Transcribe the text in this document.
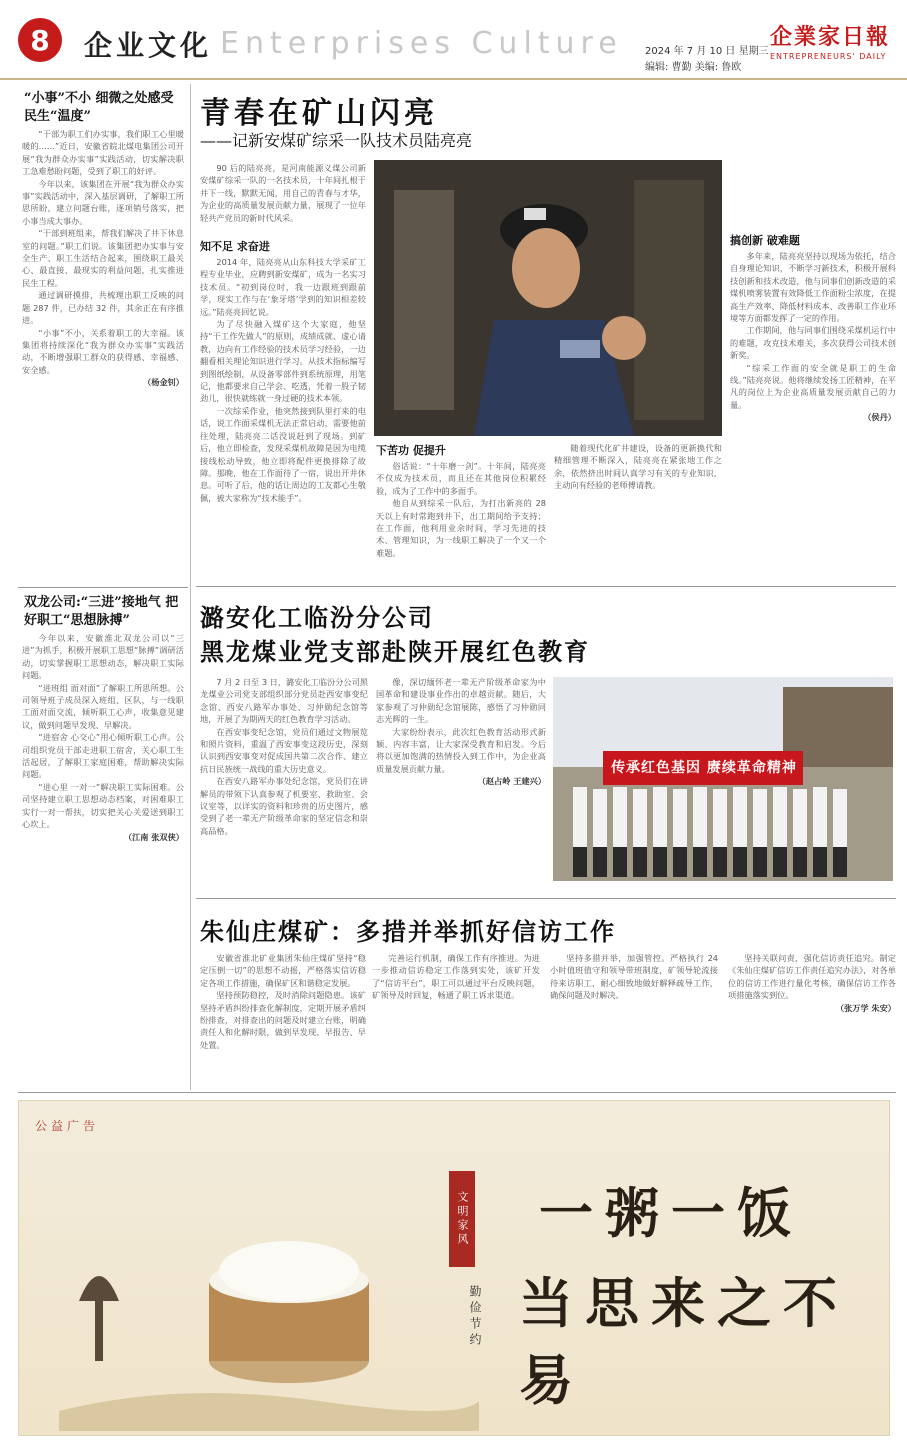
8	企业文化 Enterprises Culture 2024 年 7 月 10 日 星期三
编辑: 曹勤 美编: 鲁欧
企業家日報
ENTREPRENEURS' DAILY
“小事”不小 细微之处感受民生“温度”

“干部为职工们办实事，我们职工心里暖暖的……”近日，安徽省皖北煤电集团公司开展“我为群众办实事”实践活动，切实解决职工急难愁盼问题，受到了职工的好评。

今年以来，该集团在开展“我为群众办实事”实践活动中，深入基层调研，了解职工所思所盼，建立问题台账，逐项销号落实，把小事当成大事办。

“干部到班组来，帮我们解决了井下休息室的问题。”职工们说。该集团把办实事与安全生产、职工生活结合起来，围绕职工最关心、最直接、最现实的利益问题，扎实推进民生工程。

通过调研摸排，共梳理出职工反映的问题 287 件，已办结 32 件，其余正在有序推进。

“小事”不小，关系着职工的大幸福。该集团将持续深化“我为群众办实事”实践活动，不断增强职工群众的获得感、幸福感、安全感。

（杨金钊）

双龙公司:“三进”接地气 把好职工“思想脉搏”

今年以来，安徽淮北双龙公司以“三进”为抓手，积极开展职工思想“脉搏”调研活动，切实掌握职工思想动态，解决职工实际问题。

“进班组 面对面”了解职工所思所想。公司领导班子成员深入班组、区队，与一线职工面对面交流，倾听职工心声，收集意见建议，做到问题早发现、早解决。

“进宿舍 心交心”用心倾听职工心声。公司组织党员干部走进职工宿舍，关心职工生活起居，了解职工家庭困难，帮助解决实际问题。

“进心里 一对一”解决职工实际困难。公司坚持建立职工思想动态档案，对困难职工实行一对一帮扶，切实把关心关爱送到职工心坎上。

（江南 张双侠）

青春在矿山闪亮
——记新安煤矿综采一队技术员陆亮亮
90 后的陆亮亮，是河南能源义煤公司新安煤矿综采一队的一名技术员，十年间扎根于井下一线，默默无闻，用自己的青春与才华，为企业的高质量发展贡献力量，展现了一位年轻共产党员的新时代风采。
知不足 求奋进

2014 年，陆亮亮从山东科技大学采矿工程专业毕业，应聘到新安煤矿，成为一名实习技术员。“初到岗位时，我一边跟班到跟前学，现实工作与在‘象牙塔’学到的知识相差较远。”陆亮亮回忆说。

为了尽快融入煤矿这个大家庭，他坚持“干工作先做人”的原则，成绩成就、虚心请教，边向有工作经验的技术员学习经验，一边翻看相关理论知识进行学习。从技术指标编写到图纸绘制，从设备零部件到系统原理，用笔记，他都要求自己学会、吃透，凭着一股子韧劲儿，很快就练就一身过硬的技术本领。

一次综采作业，他突然接到队里打来的电话，说工作面采煤机无法正常启动，需要他前往处理，陆亮亮二话没说赶到了现场。到矿后，他立即检查，发现采煤机故障是因为电缆接线松动导致，他立即将配件更换排除了故障。那晚，他在工作面待了一宿，说出开井休息。可听了后，他的话让周边的工友都心生敬佩，被大家称为“技术能手”。

下苦功 促提升

俗话说：“十年磨一剑”。十年间，陆亮亮不仅成为技术员，而且还在其他岗位积累经验，成为了工作中的多面手。

他自从到综采一队后，为打出新亮的 28 天以上有时常跑到井下，出工期间给予支持；在工作面，他利用业余时间，学习先进的技术、管理知识，为一线职工解决了一个又一个难题。

随着现代化矿井建设，设备的更新换代和精细管理不断深入，陆亮亮在紧张地工作之余，依然挤出时间认真学习有关的专业知识，主动向有经验的老师傅请教。

搞创新 破难题

多年来，陆亮亮坚持以现场为依托，结合自身理论知识，不断学习新技术，积极开展科技创新和技术改造，他与同事们创新改造的采煤机喷雾装置有效降低工作面粉尘浓度，在提高生产效率、降低材料成本、改善职工作业环境等方面都发挥了一定的作用。

工作期间，他与同事们围绕采煤机运行中的难题，攻克技术难关，多次获得公司技术创新奖。

“综采工作面的安全就是职工的生命线。”陆亮亮说。他将继续发扬工匠精神，在平凡的岗位上为企业高质量发展贡献自己的力量。

（侯丹）

潞安化工临汾分公司
黑龙煤业党支部赴陕开展红色教育

7 月 2 日至 3 日，潞安化工临汾分公司黑龙煤业公司党支部组织部分党员赴西安事变纪念馆、西安八路军办事处、习仲勋纪念馆等地，开展了为期两天的红色教育学习活动。

在西安事变纪念馆，党员们通过文物展览和照片资料，重温了西安事变这段历史，深刻认识到西安事变对促成国共第二次合作、建立抗日民族统一战线的重大历史意义。

在西安八路军办事处纪念馆，党员们在讲解员的带领下认真参观了机要室、救助室、会议室等，以详实的资料和珍贵的历史图片，感受到了老一辈无产阶级革命家的坚定信念和崇高品格。

像，深切缅怀老一辈无产阶级革命家为中国革命和建设事业作出的卓越贡献。随后，大家参观了习仲勋纪念馆展陈，感悟了习仲勋同志光辉的一生。

大家纷纷表示，此次红色教育活动形式新颖、内容丰富，让大家深受教育和启发。今后将以更加饱满的热情投入到工作中，为企业高质量发展贡献力量。

（赵占岭 王建兴）

传承红色基因 赓续革命精神
朱仙庄煤矿：多措并举抓好信访工作

安徽省淮北矿业集团朱仙庄煤矿坚持“稳定压倒一切”的思想不动摇，严格落实信访稳定各项工作措施，确保矿区和谐稳定发展。

坚持预防稳控，及时消除问题隐患。该矿坚持矛盾纠纷排查化解制度，定期开展矛盾纠纷排查，对排查出的问题及时建立台账，明确责任人和化解时限，做到早发现、早报告、早处置。

完善运行机制，确保工作有序推进。为进一步推动信访稳定工作落到实处，该矿开发了“信访平台”，职工可以通过平台反映问题，矿领导及时回复，畅通了职工诉求渠道。

坚持多措并举，加强管控。严格执行 24 小时值班值守和领导带班制度，矿领导轮流接待来访职工，耐心细致地做好解释疏导工作，确保问题及时解决。

坚持关联问责，强化信访责任追究。制定《朱仙庄煤矿信访工作责任追究办法》，对各单位的信访工作进行量化考核，确保信访工作各项措施落实到位。

（张万学 朱安）

公益广告
文明家风
勤俭节约
一粥一饭
当思来之不易
